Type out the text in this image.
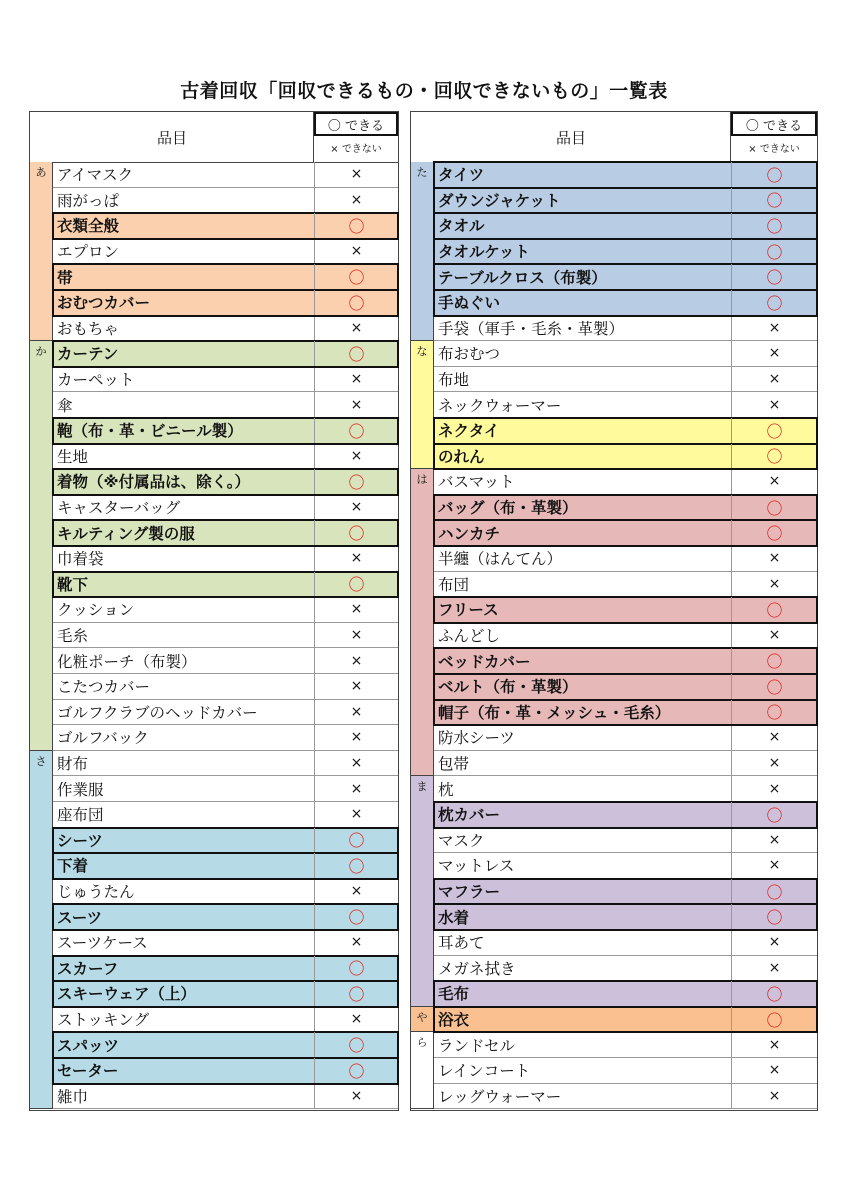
古着回収「回収できるもの・回収できないもの」一覧表
品目
〇 できる
× できない
あ アイマスク	×
雨がっぱ	×
衣類全般	〇
エプロン	×
帯	〇
おむつカバー	〇
おもちゃ	×
か カーテン	〇
カーペット	×
傘	×
鞄（布・革・ビニール製）	〇
生地	×
着物（※付属品は、除く。）	〇
キャスターバッグ	×
キルティング製の服	〇
巾着袋	×
靴下	〇
クッション	×
毛糸	×
化粧ポーチ（布製）	×
こたつカバー	×
ゴルフクラブのヘッドカバー	×
ゴルフバック	×
さ 財布	×
作業服	×
座布団	×
シーツ	〇
下着	〇
じゅうたん	×
スーツ	〇
スーツケース	×
スカーフ	〇
スキーウェア（上）	〇
ストッキング	×
スパッツ	〇
セーター	〇
雑巾	×
品目
〇 できる
× できない
た タイツ	〇
ダウンジャケット	〇
タオル	〇
タオルケット	〇
テーブルクロス（布製）	〇
手ぬぐい	〇
手袋（軍手・毛糸・革製）	×
な 布おむつ	×
布地	×
ネックウォーマー	×
ネクタイ	〇
のれん	〇
は バスマット	×
バッグ（布・革製）	〇
ハンカチ	〇
半纏（はんてん）	×
布団	×
フリース	〇
ふんどし	×
ベッドカバー	〇
ベルト（布・革製）	〇
帽子（布・革・メッシュ・毛糸）	〇
防水シーツ	×
包帯	×
ま 枕	×
枕カバー	〇
マスク	×
マットレス	×
マフラー	〇
水着	〇
耳あて	×
メガネ拭き	×
毛布	〇
や 浴衣	〇
ら ランドセル	×
レインコート	×
レッグウォーマー	×
